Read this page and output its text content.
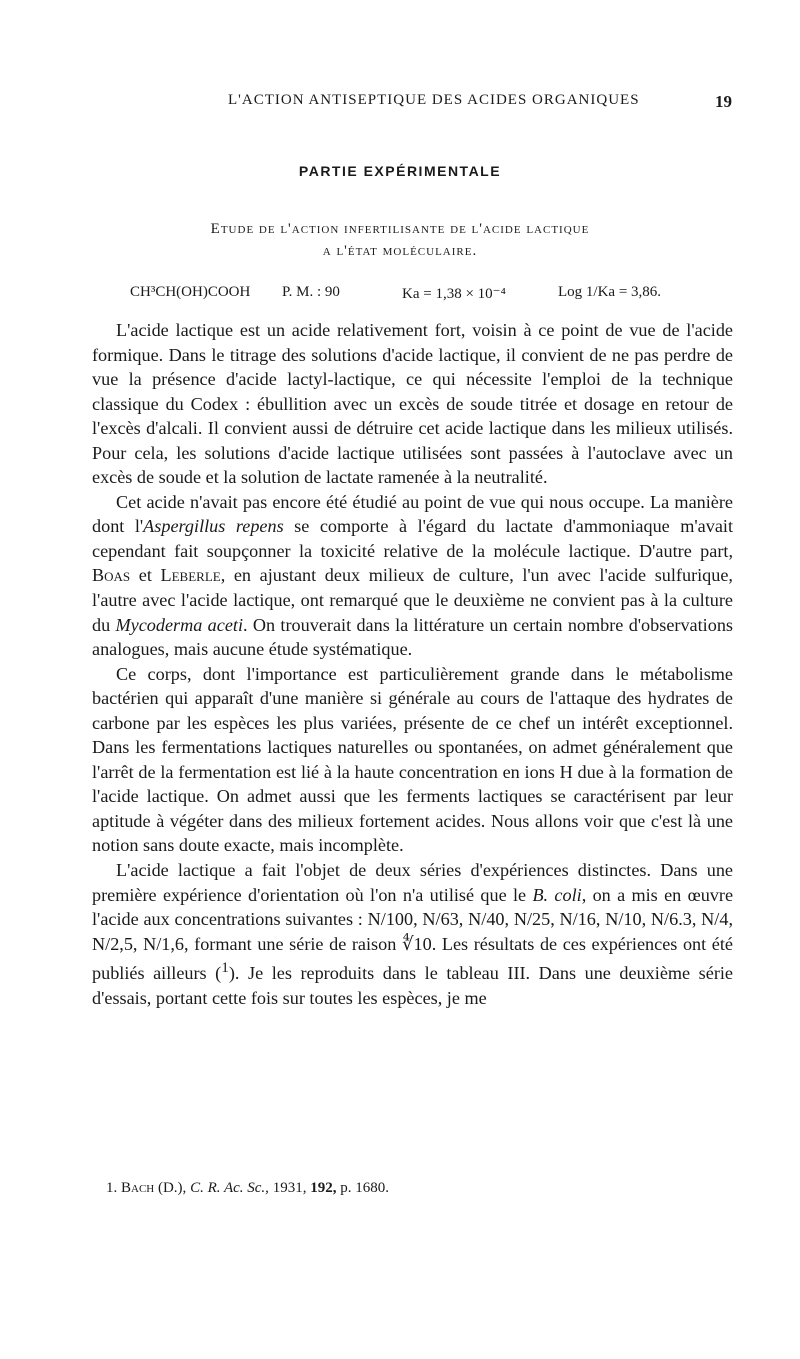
L'ACTION ANTISEPTIQUE DES ACIDES ORGANIQUES	19
PARTIE EXPÉRIMENTALE
Etude de l'action infertilisante de l'acide lactique
a l'état moléculaire.
CH³CH(OH)COOH P. M. : 90	Ka = 1,38 × 10⁻⁴	Log 1/Ka = 3,86.

L'acide lactique est un acide relativement fort, voisin à ce point de vue de l'acide formique. Dans le titrage des solutions d'acide lactique, il convient de ne pas perdre de vue la présence d'acide lactyl-lactique, ce qui nécessite l'emploi de la technique classique du Codex : ébullition avec un excès de soude titrée et dosage en retour de l'excès d'alcali. Il convient aussi de détruire cet acide lactique dans les milieux utilisés. Pour cela, les solutions d'acide lactique utilisées sont passées à l'autoclave avec un excès de soude et la solution de lactate ramenée à la neutralité.

Cet acide n'avait pas encore été étudié au point de vue qui nous occupe. La manière dont l'Aspergillus repens se comporte à l'égard du lactate d'ammoniaque m'avait cependant fait soupçonner la toxicité relative de la molécule lactique. D'autre part, Boas et Leberle, en ajustant deux milieux de culture, l'un avec l'acide sulfurique, l'autre avec l'acide lactique, ont remarqué que le deuxième ne convient pas à la culture du Mycoderma aceti. On trouverait dans la littérature un certain nombre d'observations analogues, mais aucune étude systématique.

Ce corps, dont l'importance est particulièrement grande dans le métabolisme bactérien qui apparaît d'une manière si générale au cours de l'attaque des hydrates de carbone par les espèces les plus variées, présente de ce chef un intérêt exceptionnel. Dans les fermentations lactiques naturelles ou spontanées, on admet généralement que l'arrêt de la fermentation est lié à la haute concentration en ions H due à la formation de l'acide lactique. On admet aussi que les ferments lactiques se caractérisent par leur aptitude à végéter dans des milieux fortement acides. Nous allons voir que c'est là une notion sans doute exacte, mais incomplète.

L'acide lactique a fait l'objet de deux séries d'expériences distinctes. Dans une première expérience d'orientation où l'on n'a utilisé que le B. coli, on a mis en œuvre l'acide aux concentrations suivantes : N/100, N/63, N/40, N/25, N/16, N/10, N/6.3, N/4, N/2,5, N/1,6, formant une série de raison ∜10. Les résultats de ces expériences ont été publiés ailleurs ($^1$). Je les reproduits dans le tableau III. Dans une deuxième série d'essais, portant cette fois sur toutes les espèces, je me

1. Bach (D.), C. R. Ac. Sc., 1931, 192, p. 1680.
